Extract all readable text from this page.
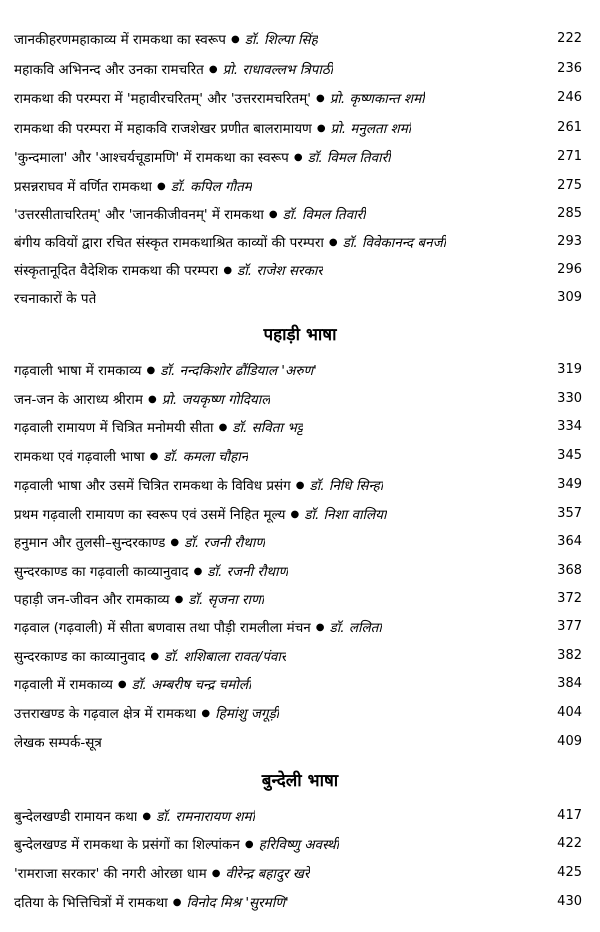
जानकीहरणमहाकाव्य में रामकथा का स्वरूप ● डॉ. शिल्पा सिंह	222
महाकवि अभिनन्द और उनका रामचरित ● प्रो. राधावल्लभ त्रिपाठी	236
रामकथा की परम्परा में 'महावीरचरितम्' और 'उत्तररामचरितम्' ● प्रो. कृष्णकान्त शर्मा	246
रामकथा की परम्परा में महाकवि राजशेखर प्रणीत बालरामायण ● प्रो. मनुलता शर्मा	261
'कुन्दमाला' और 'आश्चर्यचूडामणि' में रामकथा का स्वरूप ● डॉ. विमल तिवारी	271
प्रसन्नराघव में वर्णित रामकथा ● डॉ. कपिल गौतम	275
'उत्तरसीताचरितम्' और 'जानकीजीवनम्' में रामकथा ● डॉ. विमल तिवारी	285
बंगीय कवियों द्वारा रचित संस्कृत रामकथाश्रित काव्यों की परम्परा ● डॉ. विवेकानन्द बनर्जी	293
संस्कृतानूदित वैदेशिक रामकथा की परम्परा ● डॉ. राजेश सरकार	296
रचनाकारों के पते	309
पहाड़ी भाषा
गढ़वाली भाषा में रामकाव्य ● डॉ. नन्दकिशोर ढौंडियाल 'अरुण'	319
जन-जन के आराध्य श्रीराम ● प्रो. जयकृष्ण गोदियाल	330
गढ़वाली रामायण में चित्रित मनोमयी सीता ● डॉ. सविता भट्ट	334
रामकथा एवं गढ़वाली भाषा ● डॉ. कमला चौहान	345
गढ़वाली भाषा और उसमें चित्रित रामकथा के विविध प्रसंग ● डॉ. निधि सिन्हा	349
प्रथम गढ़वाली रामायण का स्वरूप एवं उसमें निहित मूल्य ● डॉ. निशा वालिया	357
हनुमान और तुलसी–सुन्दरकाण्ड ● डॉ. रजनी रौथाण	364
सुन्दरकाण्ड का गढ़वाली काव्यानुवाद ● डॉ. रजनी रौथाण	368
पहाड़ी जन-जीवन और रामकाव्य ● डॉ. सृजना राणा	372
गढ़वाल (गढ़वाली) में सीता बणवास तथा पौड़ी रामलीला मंचन ● डॉ. ललिता	377
सुन्दरकाण्ड का काव्यानुवाद ● डॉ. शशिबाला रावत/पंवार	382
गढ़वाली में रामकाव्य ● डॉ. अम्बरीष चन्द्र चमोली	384
उत्तराखण्ड के गढ़वाल क्षेत्र में रामकथा ● हिमांशु जगूड़ी	404
लेखक सम्पर्क-सूत्र	409
बुन्देली भाषा
बुन्देलखण्डी रामायन कथा ● डॉ. रामनारायण शर्मा	417
बुन्देलखण्ड में रामकथा के प्रसंगों का शिल्पांकन ● हरिविष्णु अवस्थी	422
'रामराजा सरकार' की नगरी ओरछा धाम ● वीरेन्द्र बहादुर खरे	425
दतिया के भित्तिचित्रों में रामकथा ● विनोद मिश्र 'सुरमणि'	430
